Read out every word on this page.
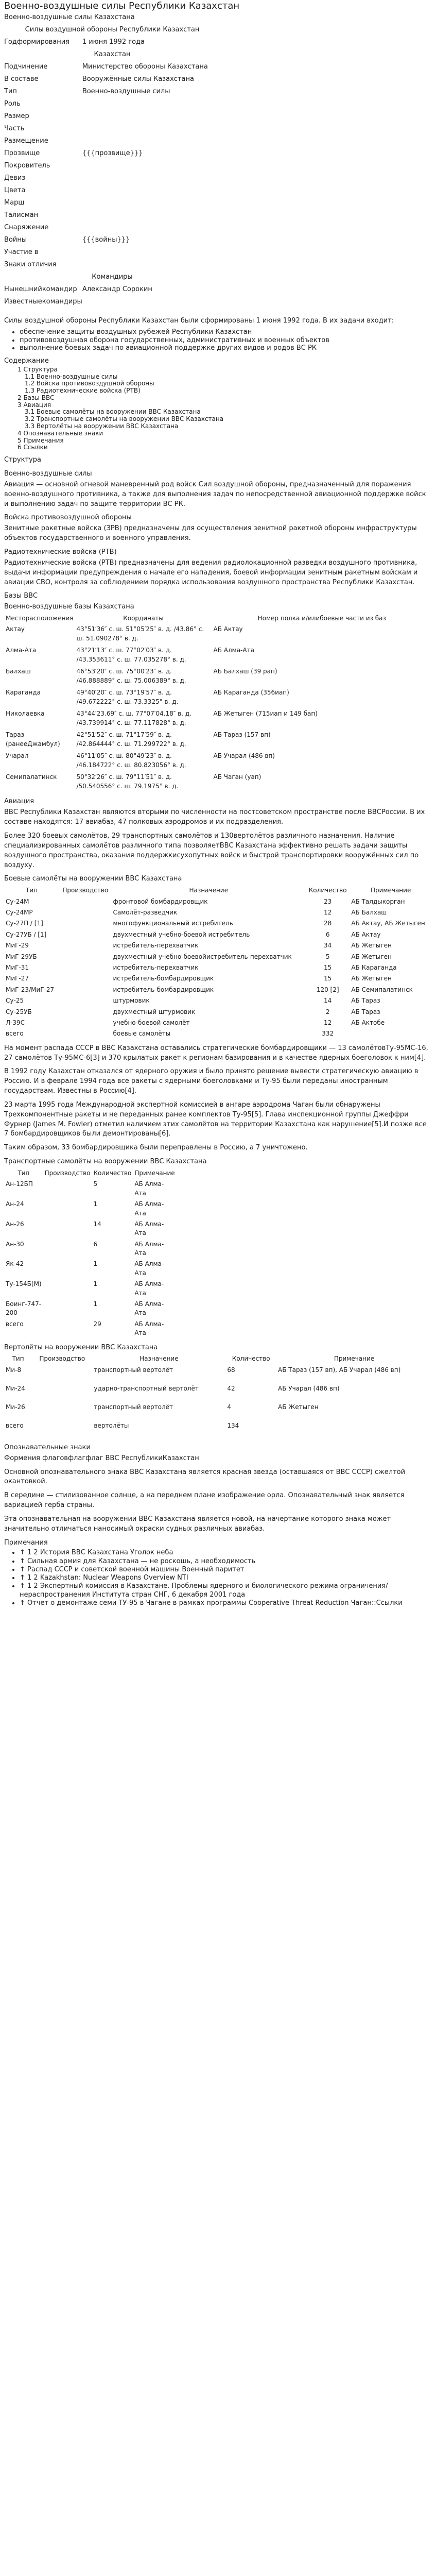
Военно-воздушные силы Республики Казахстан
Военно-воздушные силы Казахстана
Силы воздушной обороны Республики Казахстан	
Годформирования	1 июня 1992 года
Казахстан	
Подчинение	Министерство обороны Казахстана
В составе	Вооружённые силы Казахстана
Тип	Военно-воздушные силы
Роль	
Размер	
Часть	
Размещение	
Прозвище	{{{прозвище}}}
Покровитель	
Девиз	
Цвета	
Марш	
Талисман	
Снаряжение	
Войны	{{{войны}}}
Участие в	
Знаки отличия	
Командиры	
Нынешнийкомандир	Александр Сорокин
Известныекомандиры	
Силы воздушной обороны Республики Казахстан были сформированы 1 июня 1992 года. В их задачи входит:
• обеспечение защиты воздушных рубежей Республики Казахстан
• противовоздушная оборона государственных, административных и военных объектов
• выполнение боевых задач по авиационной поддержке других видов и родов ВС РК
Содержание
1 Структура
1.1 Военно-воздушные силы
1.2 Войска противовоздушной обороны
1.3 Радиотехнические войска (РТВ)
2 Базы ВВС
3 Авиация
3.1 Боевые самолёты на вооружении ВВС Казахстана
3.2 Транспортные самолёты на вооружении ВВС Казахстана
3.3 Вертолёты на вооружении ВВС Казахстана
4 Опознавательные знаки
5 Примечания
6 Ссылки
Структура
Военно-воздушные силы

Авиация — основной огневой маневренный род войск Сил воздушной обороны, предназначенный для поражения военно-воздушного противника, а также для выполнения задач по непосредственной авиационной поддержке войск и выполнению задач по защите территории ВС РК.

Войска противовоздушной обороны

Зенитные ракетные войска (ЗРВ) предназначены для осуществления зенитной ракетной обороны инфраструктуры объектов государственного и военного управления.

Радиотехнические войска (РТВ)

Радиотехнические войска (РТВ) предназначены для ведения радиолокационной разведки воздушного противника, выдачи информации предупреждения о начале его нападения, боевой информации зенитным ракетным войскам и авиации СВО, контроля за соблюдением порядка использования воздушного пространства Республики Казахстан.

Базы ВВС
Военно-воздушные базы Казахстана
Месторасположения	Координаты	Номер полка и/илибоевые части из баз
Актау	43°51′36″ с. ш. 51°05′25″ в. д. /43.86° с. ш. 51.090278° в. д.	АБ Актау
Алма-Ата	43°21′13″ с. ш. 77°02′03″ в. д. /43.353611° с. ш. 77.035278° в. д.	АБ Алма-Ата
Балхаш	46°53′20″ с. ш. 75°00′23″ в. д. /46.888889° с. ш. 75.006389° в. д.	АБ Балхаш (39 рап)
Караганда	49°40′20″ с. ш. 73°19′57″ в. д. /49.672222° с. ш. 73.3325° в. д.	АБ Караганда (356иап)
Николаевка	43°44′23.69″ с. ш. 77°07′04.18″ в. д. /43.739914° с. ш. 77.117828° в. д.	АБ Жетыген (715иап и 149 бап)
Тараз (ранееДжамбул)	42°51′52″ с. ш. 71°17′59″ в. д. /42.864444° с. ш. 71.299722° в. д.	АБ Тараз (157 вп)
Учарал	46°11′05″ с. ш. 80°49′23″ в. д. /46.184722° с. ш. 80.823056° в. д.	АБ Учарал (486 вп)
Семипалатинск	50°32′26″ с. ш. 79°11′51″ в. д. /50.540556° с. ш. 79.1975° в. д.	АБ Чаган (уап)
Авиация

ВВС Республики Казахстан являются вторыми по численности на постсоветском пространстве после ВВСРоссии. В их составе находятся: 17 авиабаз, 47 полковых аэродромов и их подразделения.

Более 320 боевых самолётов, 29 транспортных самолётов и 130вертолётов различного назначения. Наличие специализированных самолётов различного типа позволяетВВС Казахстана эффективно решать задачи защиты воздушного пространства, оказания поддержкисухопутных войск и быстрой транспортировки вооружённых сил по воздуху.

Боевые самолёты на вооружении ВВС Казахстана
Тип	Производство	Назначение	Количество	Примечание
Су-24М		фронтовой бомбардировщик	23	АБ Талдыкорган
Су-24МР		Самолёт-разведчик	12	АБ Балхаш
Су-27П / [1]		многофункциональный истребитель	28	АБ Актау, АБ Жетыген
Су-27УБ / [1]		двухместный учебно-боевой истребитель	6	АБ Актау
МиГ-29		истребитель-перехватчик	34	АБ Жетыген
МиГ-29УБ		двухместный учебно-боевойистребитель-перехватчик	5	АБ Жетыген
МиГ-31		истребитель-перехватчик	15	АБ Караганда
МиГ-27		истребитель-бомбардировщик	15	АБ Жетыген
МиГ-23/МиГ-27		истребитель-бомбардировщик	120 [2]	АБ Семипалатинск
Су-25		штурмовик	14	АБ Тараз
Су-25УБ		двухместный штурмовик	2	АБ Тараз
Л-39С		учебно-боевой самолёт	12	АБ Актобе
всего		боевые самолёты	332	

На момент распада СССР в ВВС Казахстана оставались стратегические бомбардировщики — 13 самолётовТу-95МС-16, 27 самолётов Ту-95МС-6[3] и 370 крылатых ракет к регионам базирования и в качестве ядерных боеголовок к ним[4].

В 1992 году Казахстан отказался от ядерного оружия и было принято решение вывести стратегическую авиацию в Россию. И в феврале 1994 года все ракеты с ядерными боеголовками и Ту-95 были переданы иностранным государствам. Известны в Россию[4].

23 марта 1995 года Международной экспертной комиссией в ангаре аэродрома Чаган были обнаружены Трехкомпонентные ракеты и не переданных ранее комплектов Ту-95[5]. Глава инспекционной группы Джеффри Фурнер (James M. Fowler) отметил наличием этих самолётов на территории Казахстана как нарушение[5].И позже все 7 бомбардировщиков были демонтированы[6].

Таким образом, 33 бомбардировщика были переправлены в Россию, а 7 уничтожено.

Транспортные самолёты на вооружении ВВС Казахстана
Тип	Производство	Количество	Примечание
Ан-12БП		5	АБ Алма-Ата
Ан-24		1	АБ Алма-Ата
Ан-26		14	АБ Алма-Ата
Ан-30		6	АБ Алма-Ата
Як-42		1	АБ Алма-Ата
Ту-154Б(М)		1	АБ Алма-Ата
Боинг-747-200		1	АБ Алма-Ата
всего		29	АБ Алма-Ата
Вертолёты на вооружении ВВС Казахстана
Тип	Производство	Назначение	Количество	Примечание
Ми-8		транспортный вертолёт	68	АБ Тараз (157 вп), АБ Учарал (486 вп)
Ми-24		ударно-транспортный вертолёт	42	АБ Учарал (486 вп)
Ми-26		транспортный вертолёт	4	АБ Жетыген
всего		вертолёты	134	
Опознавательные знаки

Формения флаговфлагфлаг ВВС РеспубликиКазахстан

Основной опознавательного знака ВВС Казахстана является красная звезда (оставшаяся от ВВС СССР) сжелтой окантовкой.

В середине — стилизованное солнце, а на переднем плане изображение орла. Опознавательный знак является вариацией герба страны.

Эта опознавательная на вооружении ВВС Казахстана является новой, на начертание которого знака может значительно отличаться наносимый окраски судных различных авиабаз.

Примечания
• ↑ 1 2 История ВВС Казахстана Уголок неба
• ↑ Сильная армия для Казахстана — не роскошь, а необходимость
• ↑ Распад СССР и советской военной машины Военный паритет
• ↑ 1 2 Kazakhstan: Nuclear Weapons Overview NTI
• ↑ 1 2 Экспертный комиссия в Казахстане. Проблемы ядерного и биологического режима ограничения/нераспространения Института стран СНГ, 6 декабря 2001 года
• ↑ Отчет о демонтаже семи ТУ-95 в Чагане в рамках программы Cooperative Threat Reduction Чаган::Ссылки
